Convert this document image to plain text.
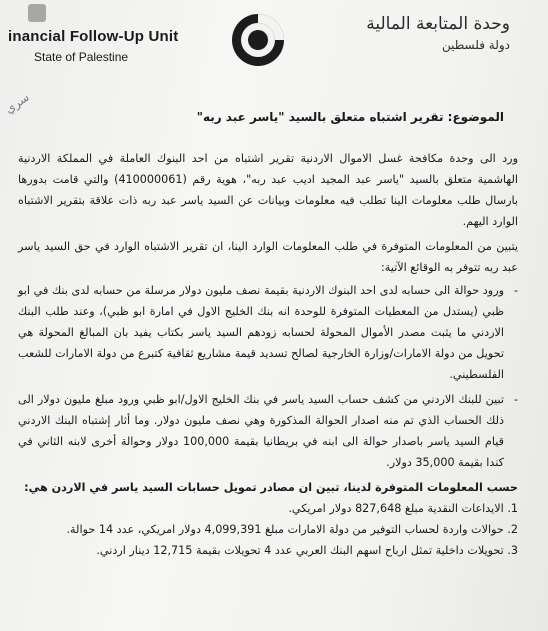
inancial Follow-Up Unit
State of Palestine
وحدة المتابعة المالية
دولة فلسطين
سري
الموضوع: تقرير اشتباه متعلق بالسيد "ياسر عبد ربه"

ورد الى وحدة مكافحة غسل الاموال الاردنية تقرير اشتباه من احد البنوك العاملة في المملكة الاردنية الهاشمية متعلق بالسيد "ياسر عبد المجيد اديب عبد ربه"، هوية رقم (410000061) والتي قامت بدورها بارسال طلب معلومات الينا تطلب فيه معلومات وبيانات عن السيد ياسر عبد ربه ذات علاقة بتقرير الاشتباه الوارد اليهم.

يتبين من المعلومات المتوفرة في طلب المعلومات الوارد الينا، ان تقرير الاشتباه الوارد في حق السيد ياسر عبد ربه تتوفر به الوقائع الآتية:

-
ورود حوالة الى حسابه لدى احد البنوك الاردنية بقيمة نصف مليون دولار مرسلة من حسابه لدى بنك في ابو ظبي (يستدل من المعطيات المتوفرة للوحدة انه بنك الخليج الاول في امارة ابو ظبي)، وعند طلب البنك الاردني ما يثبت مصدر الأموال المحولة لحسابه زودهم السيد ياسر بكتاب يفيد بان المبالغ المحولة هي تحويل من دولة الامارات/وزارة الخارجية لصالح تسديد قيمة مشاريع ثقافية كتبرع من دولة الامارات للشعب الفلسطيني.
-
تبين للبنك الاردني من كشف حساب السيد ياسر في بنك الخليج الاول/ابو ظبي ورود مبلغ مليون دولار الى ذلك الحساب الذي تم منه اصدار الحوالة المذكورة وهي نصف مليون دولار. وما أثار إشتباه البنك الاردني قيام السيد ياسر باصدار حوالة الى ابنه في بريطانيا بقيمة 100,000 دولار وحوالة أخرى لابنه الثاني في كندا بقيمة 35,000 دولار.

حسب المعلومات المتوفرة لدينا، تبين ان مصادر تمويل حسابات السيد ياسر في الاردن هي:

1. الايداعات النقدية مبلغ 827,648 دولار امريكي.

2. حوالات واردة لحساب التوفير من دولة الامارات مبلغ 4,099,391 دولار امريكي، عدد 14 حوالة.

3. تحويلات داخلية تمثل ارباح اسهم البنك العربي عدد 4 تحويلات بقيمة 12,715 دينار اردني.
